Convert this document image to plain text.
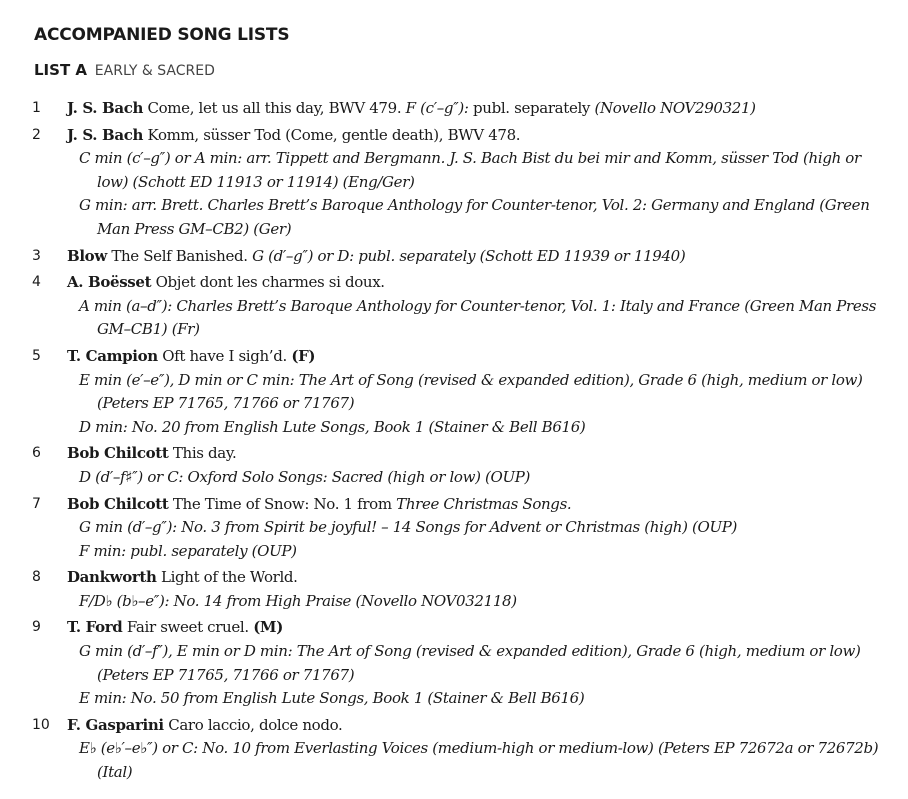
ACCOMPANIED SONG LISTS
LIST A EARLY & SACRED
1	J. S. Bach Come, let us all this day, BWV 479. F (c′–g″): publ. separately (Novello NOV290321)
2	J. S. Bach Komm, süsser Tod (Come, gentle death), BWV 478.
C min (c′–g″) or A min: arr. Tippett and Bergmann. J. S. Bach Bist du bei mir and Komm, süsser Tod (high or low) (Schott ED 11913 or 11914) (Eng/Ger)
G min: arr. Brett. Charles Brett’s Baroque Anthology for Counter-tenor, Vol. 2: Germany and England (Green Man Press GM–CB2) (Ger)
3	Blow The Self Banished. G (d′–g″) or D: publ. separately (Schott ED 11939 or 11940)
4	A. Boësset Objet dont les charmes si doux.
A min (a–d″): Charles Brett’s Baroque Anthology for Counter-tenor, Vol. 1: Italy and France (Green Man Press GM–CB1) (Fr)
5	T. Campion Oft have I sigh’d. (F)
E min (e′–e″), D min or C min: The Art of Song (revised & expanded edition), Grade 6 (high, medium or low) (Peters EP 71765, 71766 or 71767)
D min: No. 20 from English Lute Songs, Book 1 (Stainer & Bell B616)
6	Bob Chilcott This day.
D (d′–f♯″) or C: Oxford Solo Songs: Sacred (high or low) (OUP)
7	Bob Chilcott The Time of Snow: No. 1 from Three Christmas Songs.
G min (d′–g″): No. 3 from Spirit be joyful! – 14 Songs for Advent or Christmas (high) (OUP)
F min: publ. separately (OUP)
8	Dankworth Light of the World.
F/D♭ (b♭–e″): No. 14 from High Praise (Novello NOV032118)
9	T. Ford Fair sweet cruel. (M)
G min (d′–f″), E min or D min: The Art of Song (revised & expanded edition), Grade 6 (high, medium or low) (Peters EP 71765, 71766 or 71767)
E min: No. 50 from English Lute Songs, Book 1 (Stainer & Bell B616)
10	F. Gasparini Caro laccio, dolce nodo.
E♭ (e♭′–e♭″) or C: No. 10 from Everlasting Voices (medium-high or medium-low) (Peters EP 72672a or 72672b) (Ital)
